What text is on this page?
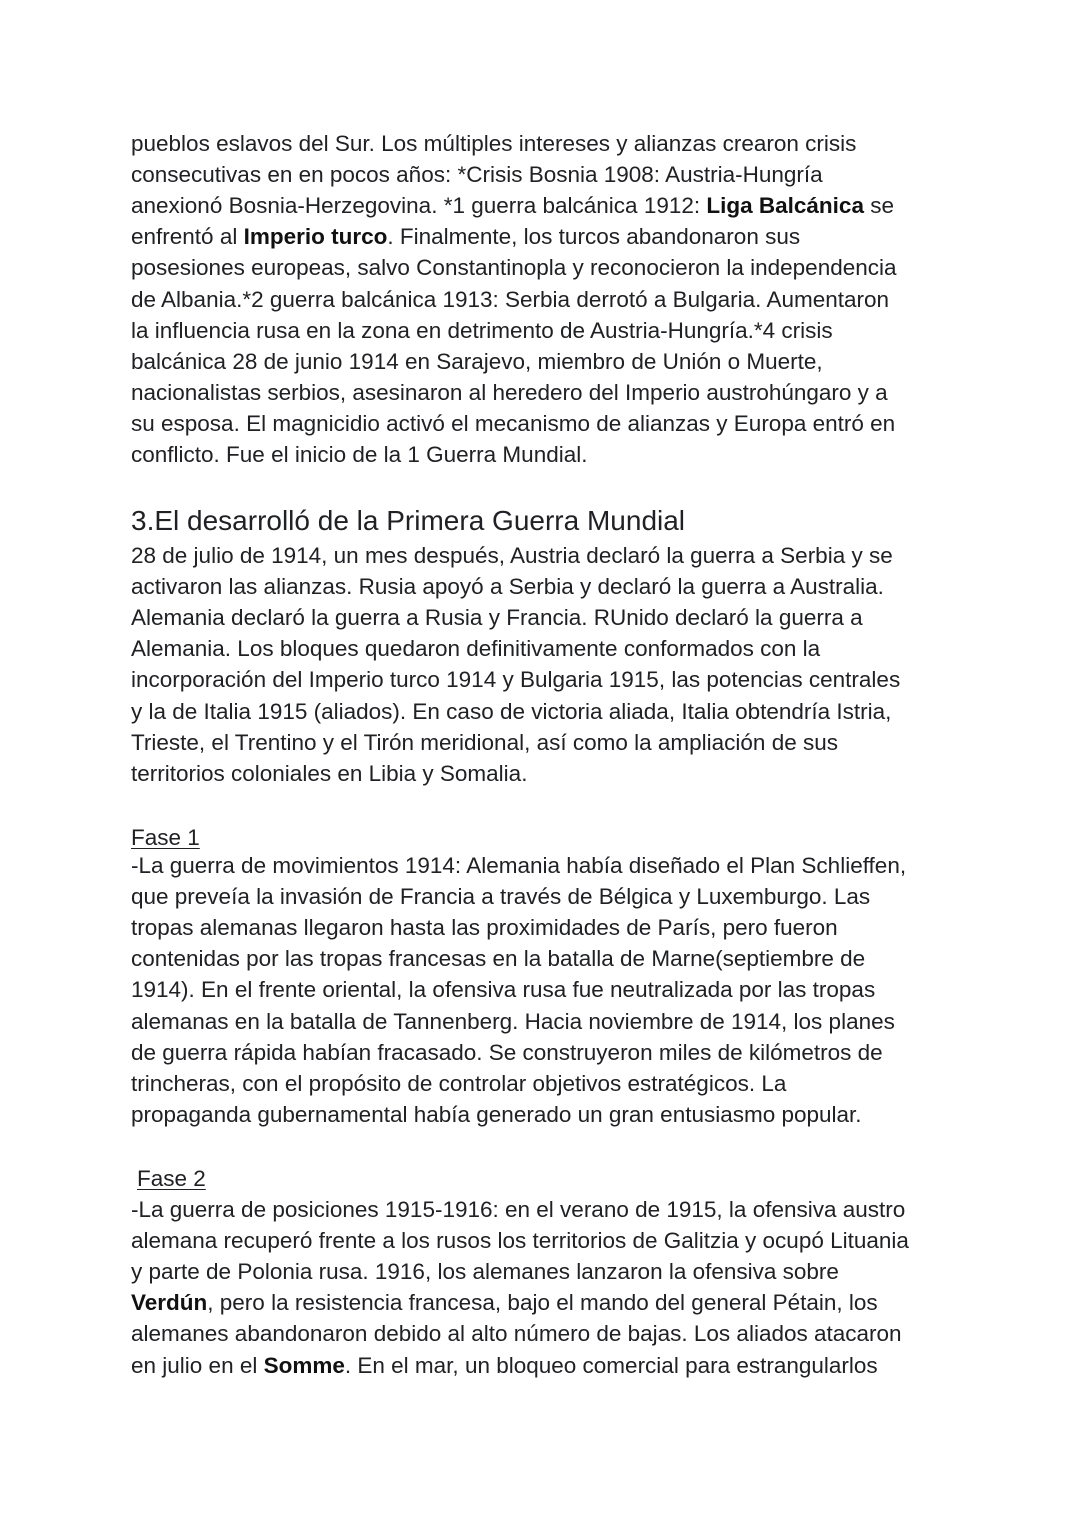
pueblos eslavos del Sur. Los múltiples intereses y alianzas crearon crisis
consecutivas en en pocos años: *Crisis Bosnia 1908: Austria-Hungría
anexionó Bosnia-Herzegovina. *1 guerra balcánica 1912: Liga Balcánica se
enfrentó al Imperio turco. Finalmente, los turcos abandonaron sus
posesiones europeas, salvo Constantinopla y reconocieron la independencia
de Albania.*2 guerra balcánica 1913: Serbia derrotó a Bulgaria. Aumentaron
la influencia rusa en la zona en detrimento de Austria-Hungría.*4 crisis
balcánica 28 de junio 1914 en Sarajevo, miembro de Unión o Muerte,
nacionalistas serbios, asesinaron al heredero del Imperio austrohúngaro y a
su esposa. El magnicidio activó el mecanismo de alianzas y Europa entró en
conflicto. Fue el inicio de la 1 Guerra Mundial.
3.El desarrolló de la Primera Guerra Mundial
28 de julio de 1914, un mes después, Austria declaró la guerra a Serbia y se
activaron las alianzas. Rusia apoyó a Serbia y declaró la guerra a Australia.
Alemania declaró la guerra a Rusia y Francia. RUnido declaró la guerra a
Alemania. Los bloques quedaron definitivamente conformados con la
incorporación del Imperio turco 1914 y Bulgaria 1915, las potencias centrales
y la de Italia 1915 (aliados). En caso de victoria aliada, Italia obtendría Istria,
Trieste, el Trentino y el Tirón meridional, así como la ampliación de sus
territorios coloniales en Libia y Somalia.
Fase 1
-La guerra de movimientos 1914: Alemania había diseñado el Plan Schlieffen,
que preveía la invasión de Francia a través de Bélgica y Luxemburgo. Las
tropas alemanas llegaron hasta las proximidades de París, pero fueron
contenidas por las tropas francesas en la batalla de Marne(septiembre de
1914). En el frente oriental, la ofensiva rusa fue neutralizada por las tropas
alemanas en la batalla de Tannenberg. Hacia noviembre de 1914, los planes
de guerra rápida habían fracasado. Se construyeron miles de kilómetros de
trincheras, con el propósito de controlar objetivos estratégicos. La
propaganda gubernamental había generado un gran entusiasmo popular.
Fase 2
-La guerra de posiciones 1915-1916: en el verano de 1915, la ofensiva austro
alemana recuperó frente a los rusos los territorios de Galitzia y ocupó Lituania
y parte de Polonia rusa. 1916, los alemanes lanzaron la ofensiva sobre
Verdún, pero la resistencia francesa, bajo el mando del general Pétain, los
alemanes abandonaron debido al alto número de bajas. Los aliados atacaron
en julio en el Somme. En el mar, un bloqueo comercial para estrangularlos
